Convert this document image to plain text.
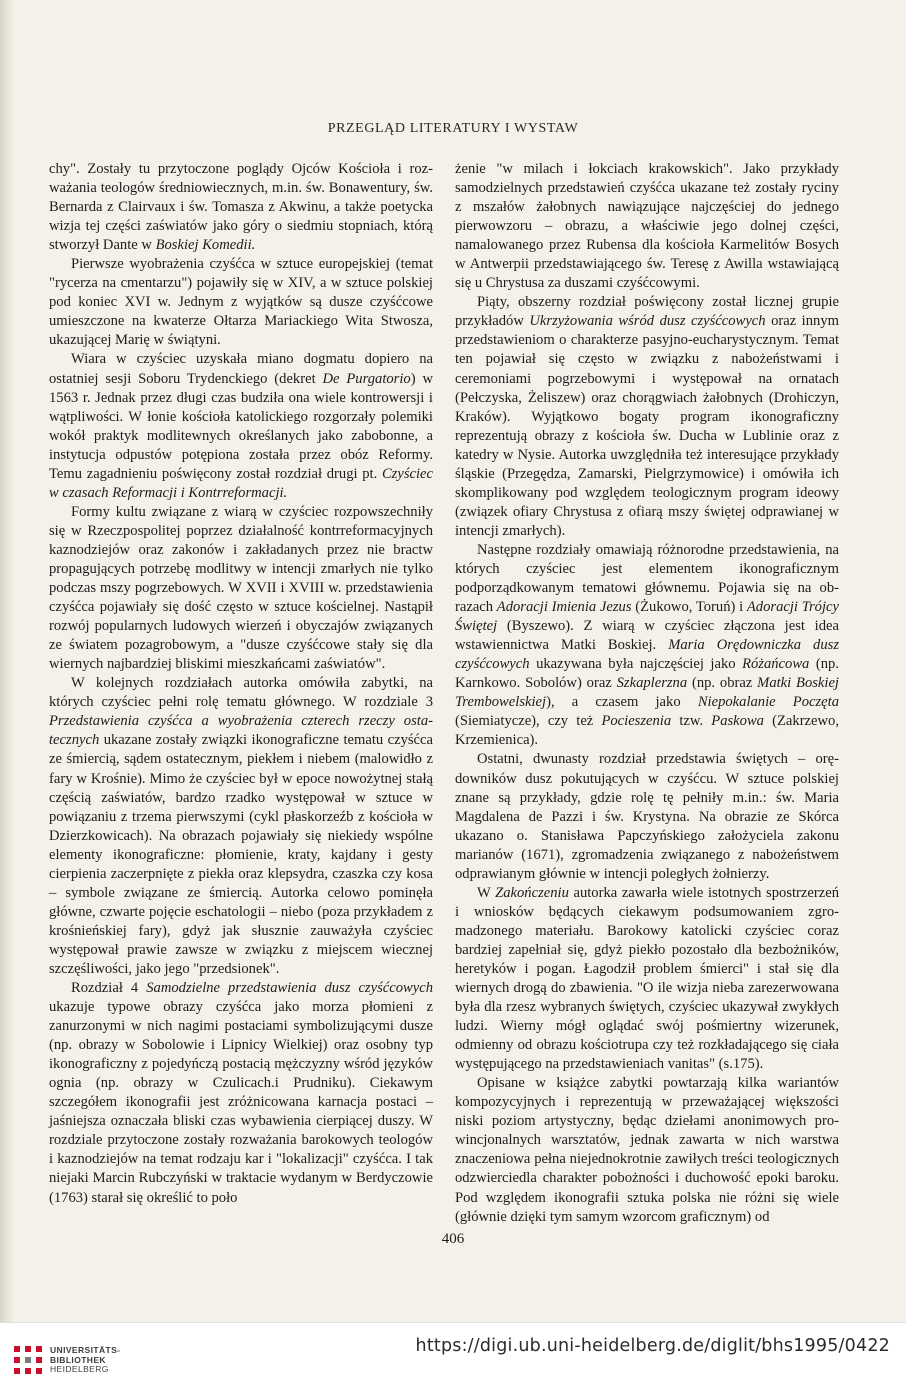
PRZEGLĄD LITERATURY I WYSTAW

chy". Zostały tu przytoczone poglądy Ojców Kościoła i rozważania teologów średniowiecznych, m.in. św. Bonawentury, św. Bernarda z Clairvaux i św. Tomasza z Akwinu, a także poetycka wizja tej części zaświatów jako góry o siedmiu stopniach, którą stworzył Dante w Boskiej Komedii.

Pierwsze wyobrażenia czyśćca w sztuce europejskiej (temat "rycerza na cmentarzu") pojawiły się w XIV, a w sztuce polskiej pod koniec XVI w. Jednym z wyjątków są dusze czyśćcowe umieszczone na kwaterze Ołtarza Mariackiego Wita Stwosza, ukazującej Marię w świątyni.

Wiara w czyściec uzyskała miano dogmatu dopiero na ostatniej sesji Soboru Trydenckiego (dekret De Purgatorio) w 1563 r. Jednak przez długi czas budziła ona wiele kontrowersji i wątpliwości. W łonie kościoła katolickiego rozgorzały polemiki wokół praktyk modlitewnych określanych jako zabobonne, a instytucja odpustów potępiona została przez obóz Reformy. Temu zagadnieniu poświęcony został rozdział drugi pt. Czyściec w czasach Reformacji i Kontrreformacji.

Formy kultu związane z wiarą w czyściec rozpowszechniły się w Rzeczpospolitej poprzez działalność kontrreformacyjnych kaznodziejów oraz zakonów i zakładanych przez nie bractw propagujących potrzebę modlitwy w intencji zmarłych nie tylko podczas mszy pogrzebowych. W XVII i XVIII w. przedstawienia czyśćca pojawiały się dość często w sztuce kościelnej. Nastąpił rozwój popularnych ludowych wierzeń i obyczajów związanych ze światem pozagrobowym, a "dusze czyśćcowe stały się dla wiernych najbardziej bliskimi mieszkańcami zaświatów".

W kolejnych rozdziałach autorka omówiła zabytki, na których czyściec pełni rolę tematu głównego. W rozdziale 3 Przedstawienia czyśćca a wyobrażenia czterech rzeczy ostatecznych ukazane zostały związki ikonograficzne tematu czyśćca ze śmiercią, sądem ostatecznym, piekłem i niebem (malowidło z fary w Krośnie). Mimo że czyściec był w epoce nowożytnej stałą częścią zaświatów, bardzo rzadko występował w sztuce w powiązaniu z trzema pierwszymi (cykl płaskorzeźb z kościoła w Dzierzkowicach). Na obrazach pojawiały się niekiedy wspólne elementy ikonograficzne: płomienie, kraty, kajdany i gesty cierpienia zaczerpnięte z piekła oraz klepsydra, czaszka czy kosa – symbole związane ze śmiercią. Autorka celowo pominęła główne, czwarte pojęcie eschatologii – niebo (poza przykładem z krośnieńskiej fary), gdyż jak słusznie zauważyła czyściec występował prawie zawsze w związku z miejscem wiecznej szczęśliwości, jako jego "przedsionek".

Rozdział 4 Samodzielne przedstawienia dusz czyśćcowych ukazuje typowe obrazy czyśćca jako morza płomieni z zanurzonymi w nich nagimi postaciami symbolizującymi dusze (np. obrazy w Sobolowie i Lipnicy Wielkiej) oraz osobny typ ikonograficzny z pojedyńczą postacią mężczyzny wśród języków ognia (np. obrazy w Czulicach.i Prudniku). Ciekawym szczegółem ikonografii jest zróżnicowana karnacja postaci – jaśniejsza oznaczała bliski czas wybawienia cierpiącej duszy. W rozdziale przytoczone zostały rozważania barokowych teologów i kaznodziejów na temat rodzaju kar i "lokalizacji" czyśćca. I tak niejaki Marcin Rubczyński w traktacie wydanym w Berdyczowie (1763) starał się określić to poło

żenie "w milach i łokciach krakowskich". Jako przykłady samodzielnych przedstawień czyśćca ukazane też zostały ryciny z mszałów żałobnych nawiązujące najczęściej do jednego pierwowzoru – obrazu, a właściwie jego dolnej części, namalowanego przez Rubensa dla kościoła Karmelitów Bosych w Antwerpii przedstawiającego św. Teresę z Awilla wstawiającą się u Chrystusa za duszami czyśćcowymi.

Piąty, obszerny rozdział poświęcony został licznej grupie przykładów Ukrzyżowania wśród dusz czyśćcowych oraz innym przedstawieniom o charakterze pasyjno-eucharystycznym. Temat ten pojawiał się często w związku z nabożeństwami i ceremoniami pogrzebowymi i występował na ornatach (Pełczyska, Żeliszew) oraz chorągwiach żałobnych (Drohiczyn, Kraków). Wyjątkowo bogaty program ikonograficzny reprezentują obrazy z kościoła św. Ducha w Lublinie oraz z katedry w Nysie. Autorka uwzględniła też interesujące przykłady śląskie (Przegędza, Zamarski, Pielgrzymowice) i omówiła ich skomplikowany pod względem teologicznym program ideowy (związek ofiary Chrystusa z ofiarą mszy świętej odprawianej w intencji zmarłych).

Następne rozdziały omawiają różnorodne przedstawienia, na których czyściec jest elementem ikonograficznym podporządkowanym tematowi głównemu. Pojawia się na obrazach Adoracji Imienia Jezus (Żukowo, Toruń) i Adoracji Trójcy Świętej (Byszewo). Z wiarą w czyściec złączona jest idea wstawiennictwa Matki Boskiej. Maria Orędowniczka dusz czyśćcowych ukazywana była najczęściej jako Różańcowa (np. Karnkowo. Sobolów) oraz Szkaplerzna (np. obraz Matki Boskiej Trembowelskiej), a czasem jako Niepokalanie Poczęta (Siemiatycze), czy też Pocieszenia tzw. Paskowa (Zakrzewo, Krzemienica).

Ostatni, dwunasty rozdział przedstawia świętych – orędowników dusz pokutujących w czyśćcu. W sztuce polskiej znane są przykłady, gdzie rolę tę pełniły m.in.: św. Maria Magdalena de Pazzi i św. Krystyna. Na obrazie ze Skórca ukazano o. Stanisława Papczyńskiego założyciela zakonu marianów (1671), zgromadzenia związanego z nabożeństwem odprawianym głównie w intencji poległych żołnierzy.

W Zakończeniu autorka zawarła wiele istotnych spostrzerzeń i wniosków będących ciekawym podsumowaniem zgromadzonego materiału. Barokowy katolicki czyściec coraz bardziej zapełniał się, gdyż piekło pozostało dla bezbożników, heretyków i pogan. Łagodził problem śmierci" i stał się dla wiernych drogą do zbawienia. "O ile wizja nieba zarezerwowana była dla rzesz wybranych świętych, czyściec ukazywał zwykłych ludzi. Wierny mógł oglądać swój pośmiertny wizerunek, odmienny od obrazu kościotrupa czy też rozkładającego się ciała występującego na przedstawieniach vanitas" (s.175).

Opisane w książce zabytki powtarzają kilka wariantów kompozycyjnych i reprezentują w przeważającej większości niski poziom artystyczny, będąc dziełami anonimowych prowincjonalnych warsztatów, jednak zawarta w nich warstwa znaczeniowa pełna niejednokrotnie zawiłych treści teologicznych odzwierciedla charakter pobożności i duchowość epoki baroku. Pod względem ikonografii sztuka polska nie różni się wiele (głównie dzięki tym samym wzorcom graficznym) od

406
UNIVERSITÄTS-
BIBLIOTHEK
HEIDELBERG
https://digi.ub.uni-heidelberg.de/diglit/bhs1995/0422
